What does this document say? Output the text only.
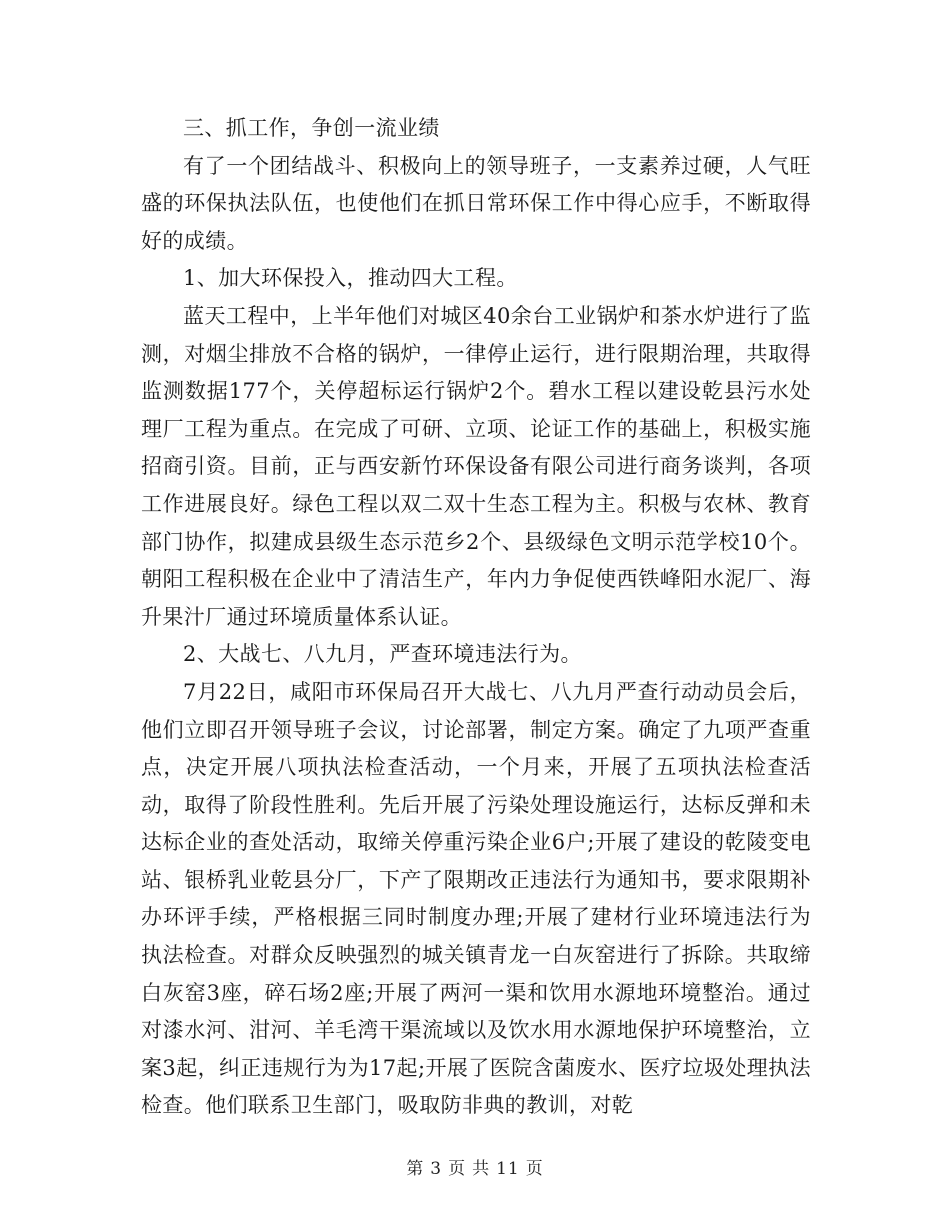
三、抓工作，争创一流业绩

有了一个团结战斗、积极向上的领导班子，一支素养过硬，人气旺盛的环保执法队伍，也使他们在抓日常环保工作中得心应手，不断取得好的成绩。

1、加大环保投入，推动四大工程。

蓝天工程中，上半年他们对城区40余台工业锅炉和茶水炉进行了监测，对烟尘排放不合格的锅炉，一律停止运行，进行限期治理，共取得监测数据177个，关停超标运行锅炉2个。碧水工程以建设乾县污水处理厂工程为重点。在完成了可研、立项、论证工作的基础上，积极实施招商引资。目前，正与西安新竹环保设备有限公司进行商务谈判，各项工作进展良好。绿色工程以双二双十生态工程为主。积极与农林、教育部门协作，拟建成县级生态示范乡2个、县级绿色文明示范学校10个。朝阳工程积极在企业中了清洁生产，年内力争促使西铁峰阳水泥厂、海升果汁厂通过环境质量体系认证。

2、大战七、八九月，严查环境违法行为。

7月22日，咸阳市环保局召开大战七、八九月严查行动动员会后，他们立即召开领导班子会议，讨论部署，制定方案。确定了九项严查重点，决定开展八项执法检查活动，一个月来，开展了五项执法检查活动，取得了阶段性胜利。先后开展了污染处理设施运行，达标反弹和未达标企业的查处活动，取缔关停重污染企业6户;开展了建设的乾陵变电站、银桥乳业乾县分厂，下产了限期改正违法行为通知书，要求限期补办环评手续，严格根据三同时制度办理;开展了建材行业环境违法行为执法检查。对群众反映强烈的城关镇青龙一白灰窑进行了拆除。共取缔白灰窑3座，碎石场2座;开展了两河一渠和饮用水源地环境整治。通过对漆水河、泔河、羊毛湾干渠流域以及饮水用水源地保护环境整治，立案3起，纠正违规行为为17起;开展了医院含菌废水、医疗垃圾处理执法检查。他们联系卫生部门，吸取防非典的教训，对乾

第 3 页 共 11 页
